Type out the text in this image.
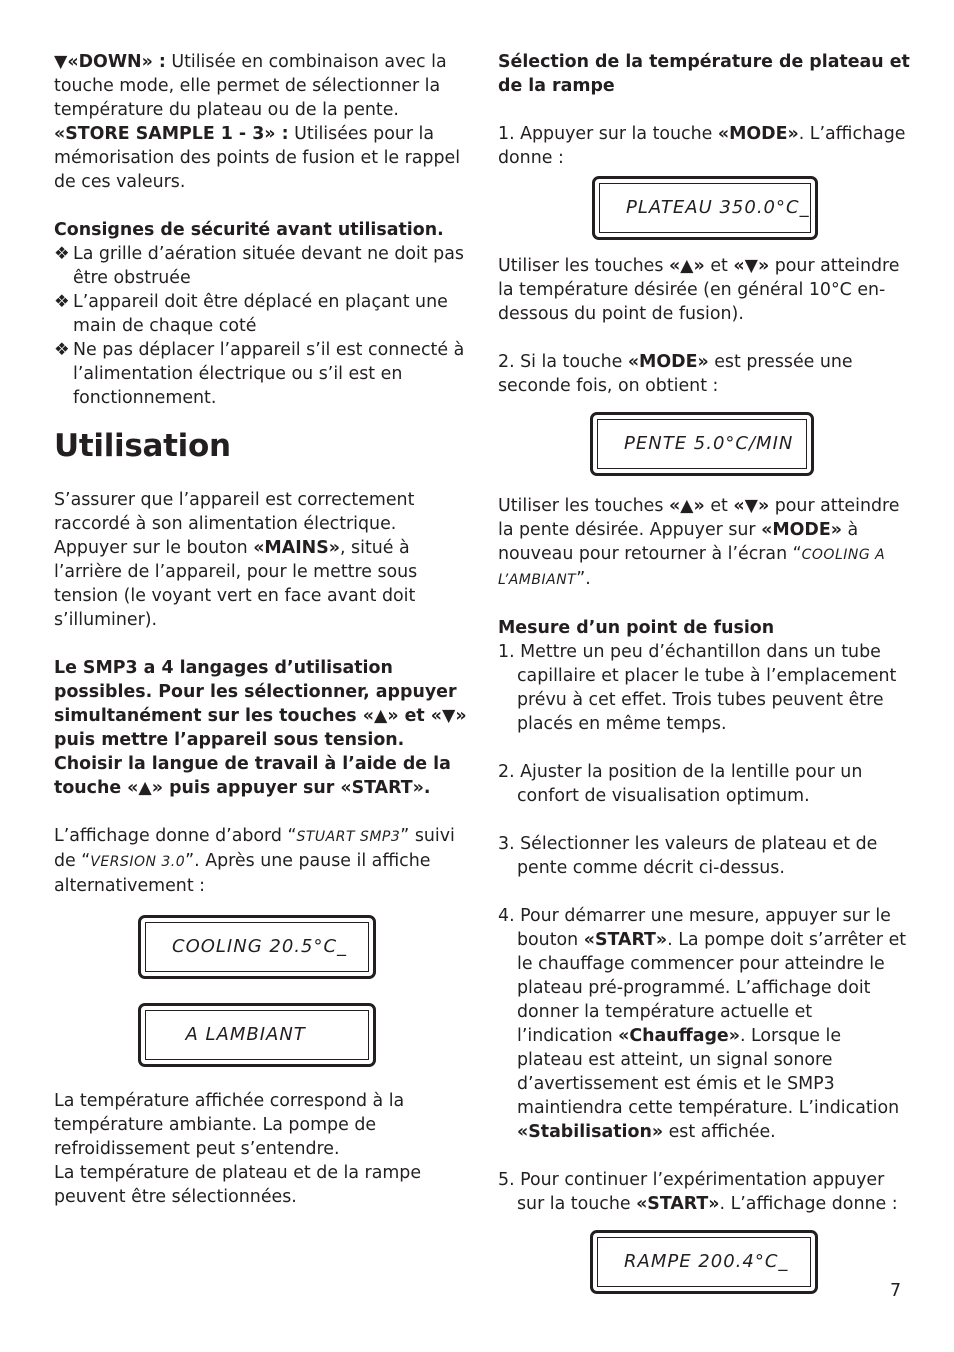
▼«DOWN» : Utilisée en combinaison avec la touche mode, elle permet de sélectionner la température du plateau ou de la pente.

«STORE SAMPLE 1 - 3» : Utilisées pour la mémorisation des points de fusion et le rappel de ces valeurs.

Consignes de sécurité avant utilisation.

❖ La grille d’aération située devant ne doit pas être obstruée
❖ L’appareil doit être déplacé en plaçant une main de chaque coté
❖ Ne pas déplacer l’appareil s’il est connecté à l’alimentation électrique ou s’il est en fonctionnement.
Utilisation

S’assurer que l’appareil est correctement raccordé à son alimentation électrique. Appuyer sur le bouton «MAINS», situé à l’arrière de l’appareil, pour le mettre sous tension (le voyant vert en face avant doit s’illuminer).

Le SMP3 a 4 langages d’utilisation possibles. Pour les sélectionner, appuyer simultanément sur les touches «▲» et «▼» puis mettre l’appareil sous tension. Choisir la langue de travail à l’aide de la touche «▲» puis appuyer sur «START».

L’affichage donne d’abord “STUART SMP3” suivi de “VERSION 3.0”. Après une pause il affiche alternativement :

COOLING 20.5°C_
A LAMBIANT

La température affichée correspond à la température ambiante. La pompe de refroidissement peut s’entendre.

La température de plateau et de la rampe peuvent être sélectionnées.

Sélection de la température de plateau et de la rampe

1. Appuyer sur la touche «MODE». L’affichage donne :

PLATEAU 350.0°C_

Utiliser les touches «▲» et «▼» pour atteindre la température désirée (en général 10°C en-dessous du point de fusion).

2. Si la touche «MODE» est pressée une seconde fois, on obtient :

PENTE 5.0°C/MIN

Utiliser les touches «▲» et «▼» pour atteindre la pente désirée. Appuyer sur «MODE» à nouveau pour retourner à l’écran “COOLING A L’AMBIANT”.

Mesure d’un point de fusion

1. Mettre un peu d’échantillon dans un tube capillaire et placer le tube à l’emplacement prévu à cet effet. Trois tubes peuvent être placés en même temps.

2. Ajuster la position de la lentille pour un confort de visualisation optimum.

3. Sélectionner les valeurs de plateau et de pente comme décrit ci-dessus.

4. Pour démarrer une mesure, appuyer sur le bouton «START». La pompe doit s’arrêter et le chauffage commencer pour atteindre le plateau pré-programmé. L’affichage doit donner la température actuelle et l’indication «Chauffage». Lorsque le plateau est atteint, un signal sonore d’avertissement est émis et le SMP3 maintiendra cette température. L’indication «Stabilisation» est affichée.

5. Pour continuer l’expérimentation appuyer sur la touche «START». L’affichage donne :

RAMPE 200.4°C_
7
